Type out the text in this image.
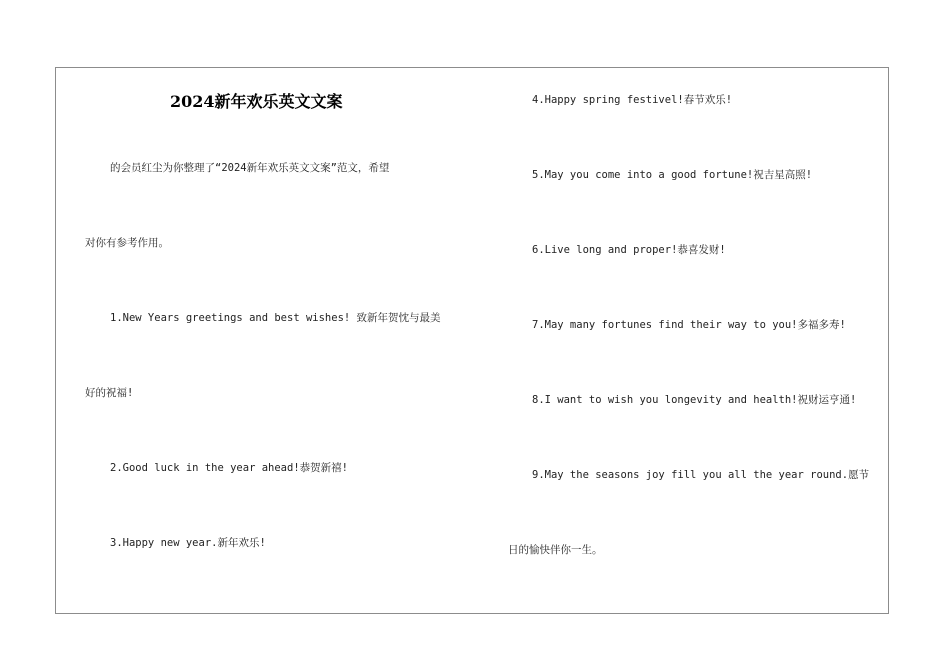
2024新年欢乐英文文案
的会员红尘为你整理了“2024新年欢乐英文文案”范文，希望
对你有参考作用。
1.New Years greetings and best wishes! 致新年贺忱与最美
好的祝福!
2.Good luck in the year ahead!恭贺新禧!
3.Happy new year.新年欢乐!
4.Happy spring festivel!春节欢乐!
5.May you come into a good fortune!祝吉星高照!
6.Live long and proper!恭喜发财!
7.May many fortunes find their way to you!多福多寿!
8.I want to wish you longevity and health!祝财运亨通!
9.May the seasons joy fill you all the year round.愿节
日的愉快伴你一生。
